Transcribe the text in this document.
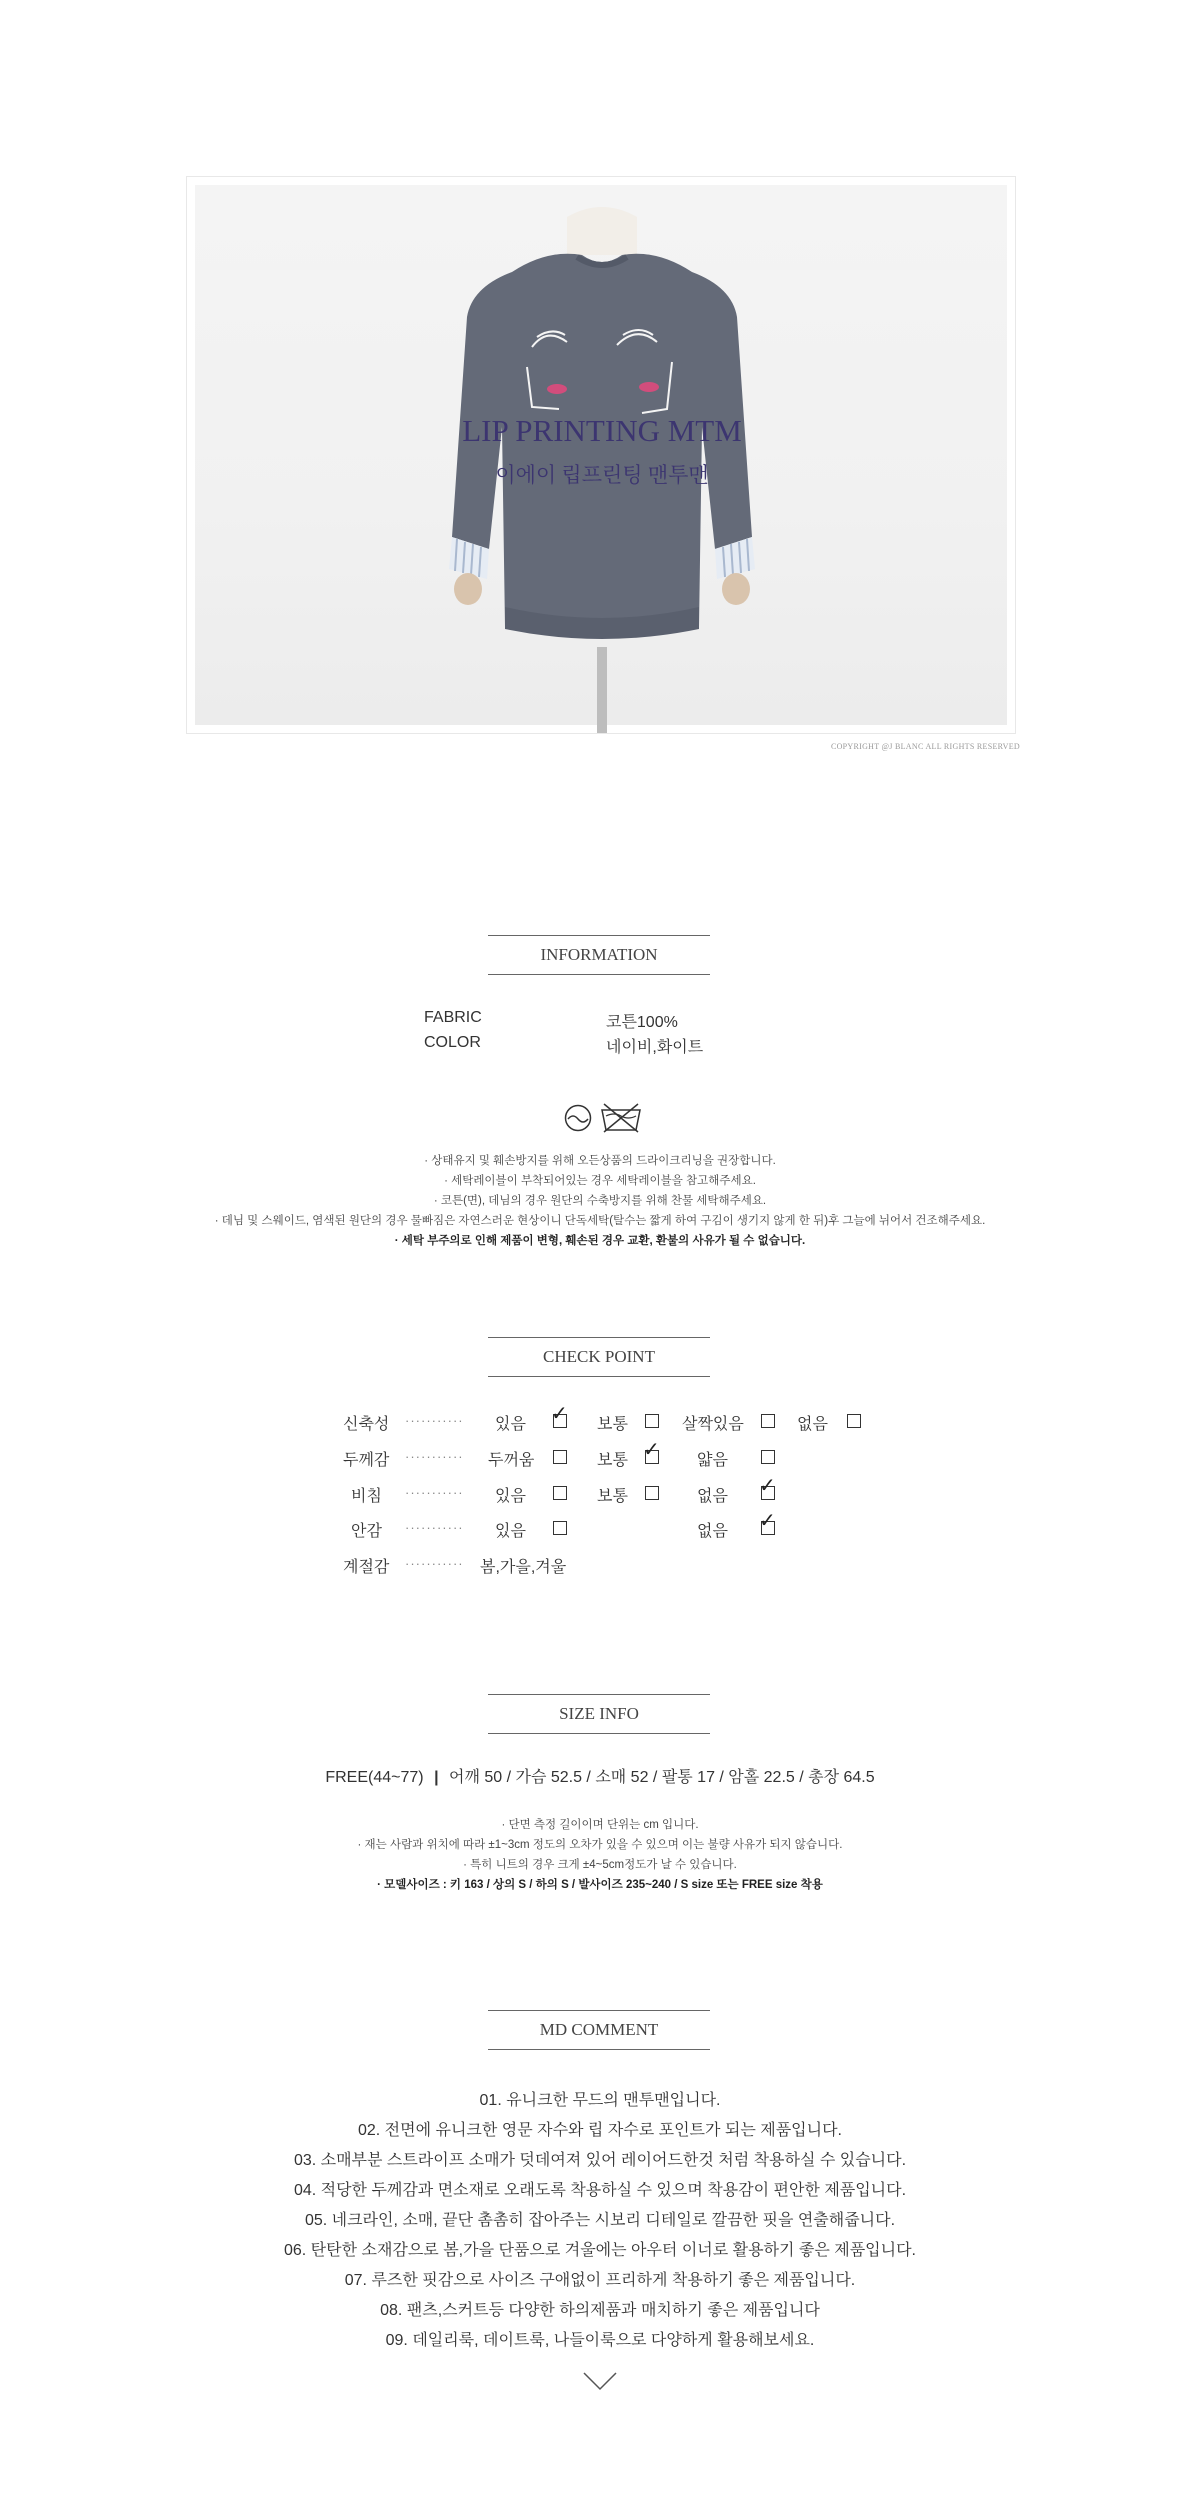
LIP PRINTING MTM
이에이 립프린팅 맨투맨
COPYRIGHT @J BLANC ALL RIGHTS RESERVED
INFORMATION
FABRIC	코튼100%
COLOR	네이비,화이트
· 상태유지 및 훼손방지를 위해 오든상품의 드라이크리닝을 권장합니다.
· 세탁레이블이 부착되어있는 경우 세탁레이블을 참고해주세요.
· 코튼(면), 데님의 경우 원단의 수축방지를 위해 찬물 세탁해주세요.
· 데님 및 스웨이드, 염색된 원단의 경우 물빠짐은 자연스러운 현상이니 단독세탁(탈수는 짧게 하여 구김이 생기지 않게 한 뒤)후 그늘에 뉘어서 건조해주세요.
· 세탁 부주의로 인해 제품이 변형, 훼손된 경우 교환, 환불의 사유가 될 수 없습니다.
CHECK POINT
신축성 ··········· 있음 ✓ 보통	살짝있음	없음
두께감 ··········· 두꺼움	보통 ✓ 얇음
비침 ··········· 있음	보통	없음 ✓
안감 ··········· 있음	없음 ✓
계절감 ··········· 봄,가을,겨울
SIZE INFO
FREE(44~77) | 어깨 50 / 가슴 52.5 / 소매 52 / 팔통 17 / 암홀 22.5 / 총장 64.5
· 단면 측정 길이이며 단위는 cm 입니다.
· 재는 사람과 위치에 따라 ±1~3cm 정도의 오차가 있을 수 있으며 이는 불량 사유가 되지 않습니다.
· 특히 니트의 경우 크게 ±4~5cm정도가 날 수 있습니다.
· 모델사이즈 : 키 163 / 상의 S / 하의 S / 발사이즈 235~240 / S size 또는 FREE size 착용
MD COMMENT
01. 유니크한 무드의 맨투맨입니다.
02. 전면에 유니크한 영문 자수와 립 자수로 포인트가 되는 제품입니다.
03. 소매부분 스트라이프 소매가 덧데여져 있어 레이어드한것 처럼 착용하실 수 있습니다.
04. 적당한 두께감과 면소재로 오래도록 착용하실 수 있으며 착용감이 편안한 제품입니다.
05. 네크라인, 소매, 끝단 촘촘히 잡아주는 시보리 디테일로 깔끔한 핏을 연출해줍니다.
06. 탄탄한 소재감으로 봄,가을 단품으로 겨울에는 아우터 이너로 활용하기 좋은 제품입니다.
07. 루즈한 핏감으로 사이즈 구애없이 프리하게 착용하기 좋은 제품입니다.
08. 팬츠,스커트등 다양한 하의제품과 매치하기 좋은 제품입니다
09. 데일리룩, 데이트룩, 나들이룩으로 다양하게 활용해보세요.
